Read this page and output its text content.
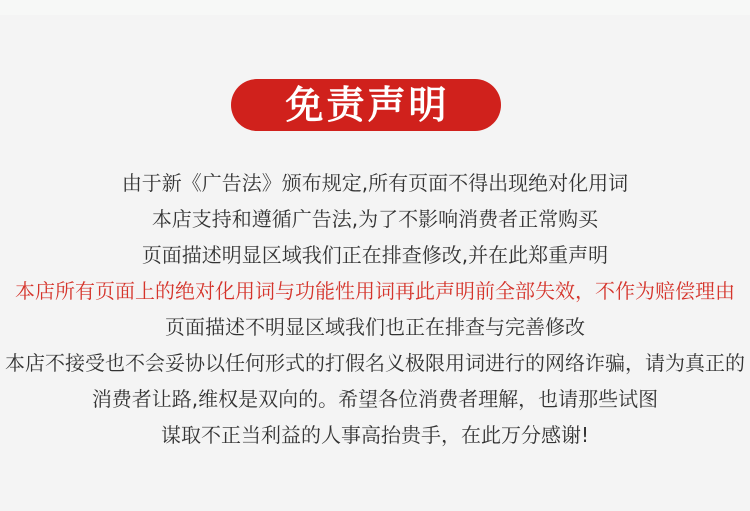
免责声明

由于新《广告法》颁布规定,所有页面不得出现绝对化用词

本店支持和遵循广告法,为了不影响消费者正常购买

页面描述明显区域我们正在排查修改,并在此郑重声明

本店所有页面上的绝对化用词与功能性用词再此声明前全部失效，不作为赔偿理由

页面描述不明显区域我们也正在排查与完善修改

本店不接受也不会妥协以任何形式的打假名义极限用词进行的网络诈骗，请为真正的

消费者让路,维权是双向的。希望各位消费者理解，也请那些试图

谋取不正当利益的人事高抬贵手，在此万分感谢!
